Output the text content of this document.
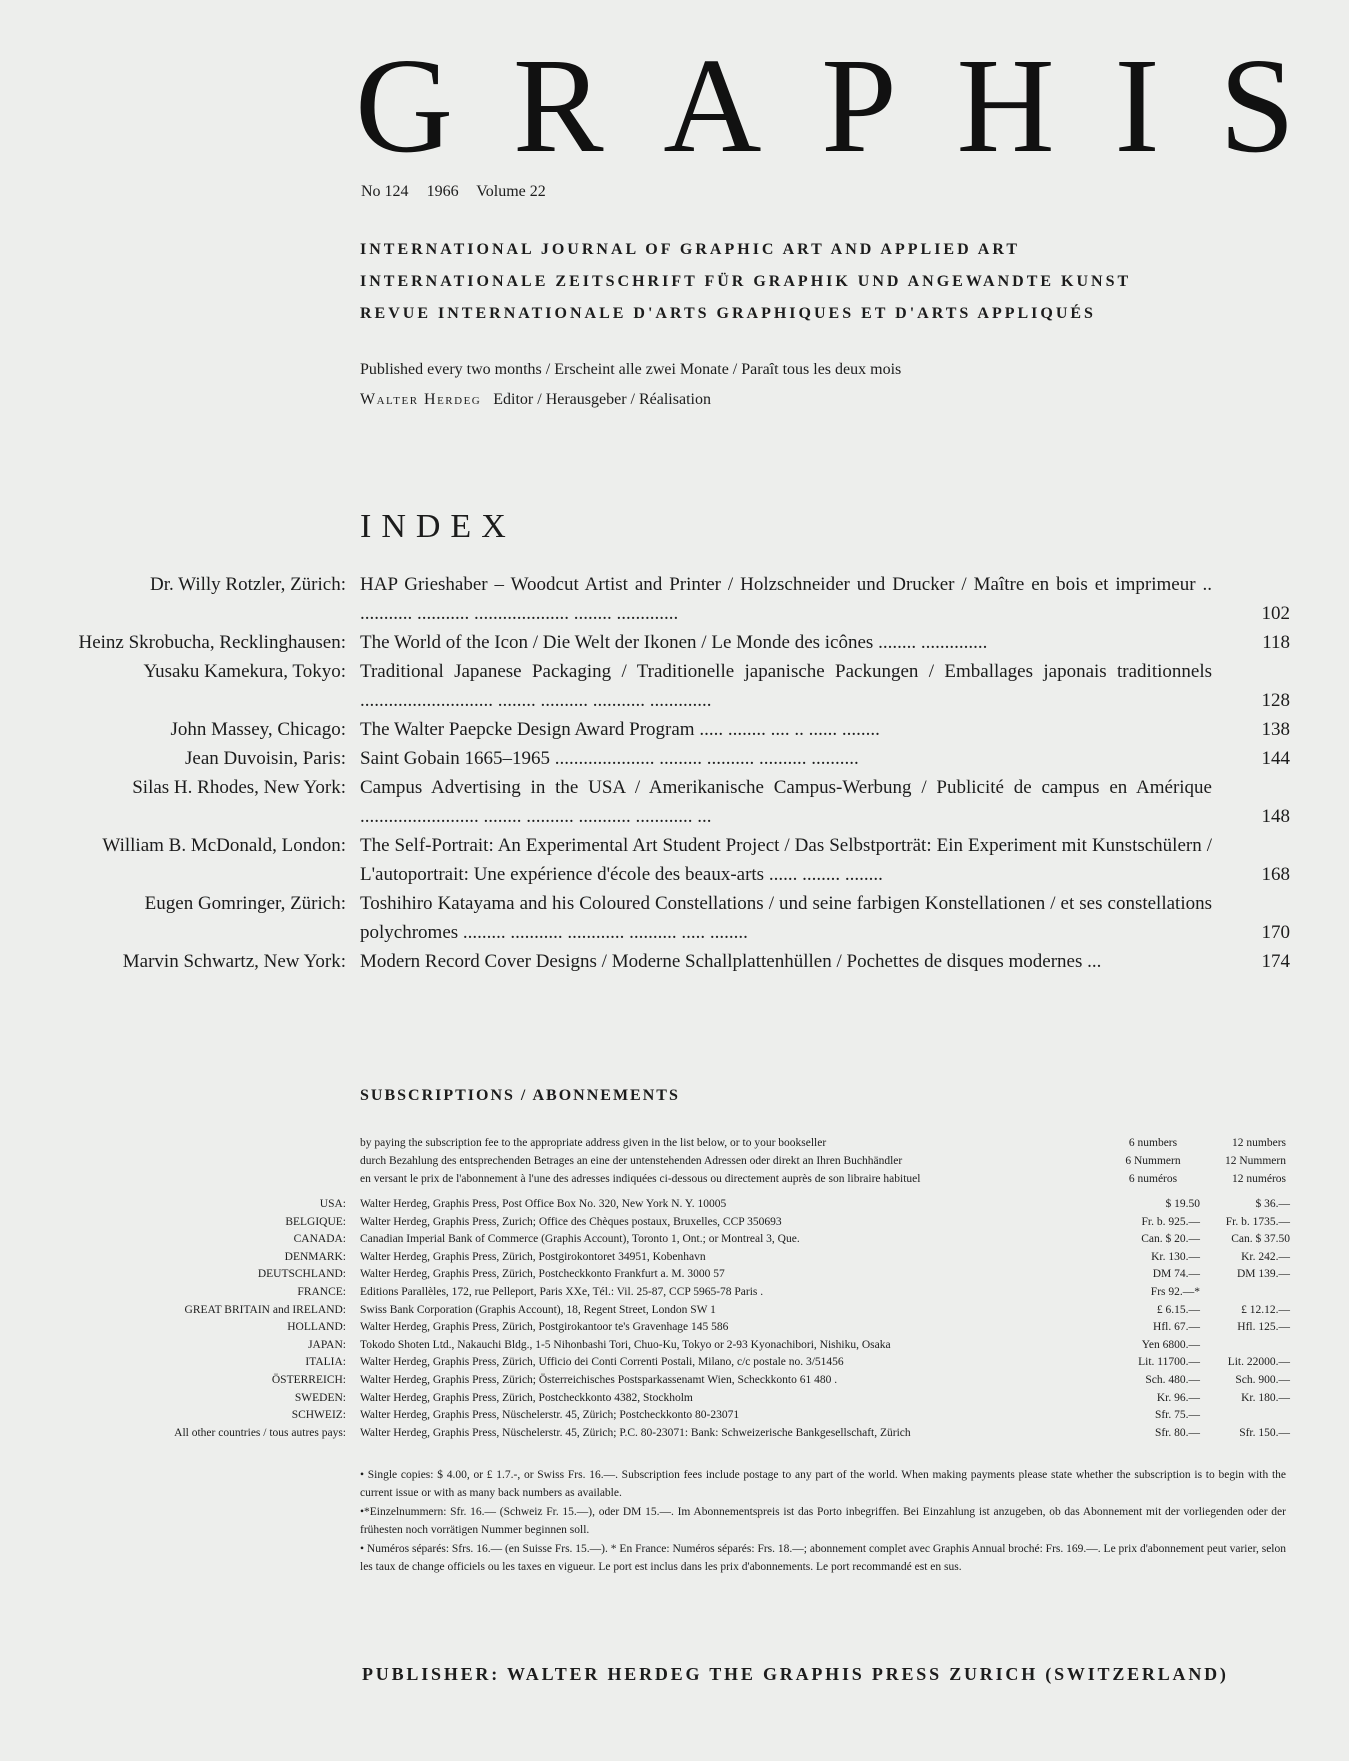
G R A P H I S
No 124 1966 Volume 22
INTERNATIONAL JOURNAL OF GRAPHIC ART AND APPLIED ART
INTERNATIONALE ZEITSCHRIFT FÜR GRAPHIK UND ANGEWANDTE KUNST
REVUE INTERNATIONALE D'ARTS GRAPHIQUES ET D'ARTS APPLIQUÉS
Published every two months / Erscheint alle zwei Monate / Paraît tous les deux mois
Walter Herdeg Editor / Herausgeber / Réalisation
INDEX
Dr. Willy Rotzler, Zürich: HAP Grieshaber – Woodcut Artist and Printer / Holzschneider und Drucker / Maître en bois et imprimeur .. ........... ........... .................... ........ .............	102
Heinz Skrobucha, Recklinghausen: The World of the Icon / Die Welt der Ikonen / Le Monde des icônes ........ ..............	118
Yusaku Kamekura, Tokyo: Traditional Japanese Packaging / Traditionelle japanische Packungen / Emballages japonais traditionnels ............................ ........ .......... ........... .............	128
John Massey, Chicago: The Walter Paepcke Design Award Program ..... ........ .... .. ...... ........	138
Jean Duvoisin, Paris: Saint Gobain 1665–1965 ..................... ......... .......... .......... ..........	144
Silas H. Rhodes, New York: Campus Advertising in the USA / Amerikanische Campus-Werbung / Publicité de campus en Amérique ......................... ........ .......... ........... ............ ...	148
William B. McDonald, London: The Self-Portrait: An Experimental Art Student Project / Das Selbstporträt: Ein Experiment mit Kunstschülern / L'autoportrait: Une expérience d'école des beaux-arts ...... ........ ........	168
Eugen Gomringer, Zürich: Toshihiro Katayama and his Coloured Constellations / und seine farbigen Konstellationen / et ses constellations polychromes ......... ........... ............ .......... ..... ........	170
Marvin Schwartz, New York: Modern Record Cover Designs / Moderne Schallplattenhüllen / Pochettes de disques modernes ...	174
SUBSCRIPTIONS / ABONNEMENTS
by paying the subscription fee to the appropriate address given in the list below, or to your bookseller	6 numbers	12 numbers
durch Bezahlung des entsprechenden Betrages an eine der untenstehenden Adressen oder direkt an Ihren Buchhändler	6 Nummern	12 Nummern
en versant le prix de l'abonnement à l'une des adresses indiquées ci-dessous ou directement auprès de son libraire habituel	6 numéros	12 numéros
USA:	Walter Herdeg, Graphis Press, Post Office Box No. 320, New York N. Y. 10005	$ 19.50	$ 36.—
BELGIQUE:	Walter Herdeg, Graphis Press, Zurich; Office des Chèques postaux, Bruxelles, CCP 350693	Fr. b. 925.—	Fr. b. 1735.—
CANADA:	Canadian Imperial Bank of Commerce (Graphis Account), Toronto 1, Ont.; or Montreal 3, Que.	Can. $ 20.—	Can. $ 37.50
DENMARK:	Walter Herdeg, Graphis Press, Zürich, Postgirokontoret 34951, Kobenhavn	Kr. 130.—	Kr. 242.—
DEUTSCHLAND:	Walter Herdeg, Graphis Press, Zürich, Postcheckkonto Frankfurt a. M. 3000 57	DM 74.—	DM 139.—
FRANCE:	Editions Parallèles, 172, rue Pelleport, Paris XXe, Tél.: Vil. 25-87, CCP 5965-78 Paris .	Frs 92.—*
GREAT BRITAIN and IRELAND:	Swiss Bank Corporation (Graphis Account), 18, Regent Street, London SW 1	£ 6.15.—	£ 12.12.—
HOLLAND:	Walter Herdeg, Graphis Press, Zürich, Postgirokantoor te's Gravenhage 145 586	Hfl. 67.—	Hfl. 125.—
JAPAN:	Tokodo Shoten Ltd., Nakauchi Bldg., 1-5 Nihonbashi Tori, Chuo-Ku, Tokyo or 2-93 Kyonachibori, Nishiku, Osaka	Yen 6800.—
ITALIA:	Walter Herdeg, Graphis Press, Zürich, Ufficio dei Conti Correnti Postali, Milano, c/c postale no. 3/51456	Lit. 11700.—	Lit. 22000.—
ÖSTERREICH:	Walter Herdeg, Graphis Press, Zürich; Österreichisches Postsparkassenamt Wien, Scheckkonto 61 480 .	Sch. 480.—	Sch. 900.—
SWEDEN:	Walter Herdeg, Graphis Press, Zürich, Postcheckkonto 4382, Stockholm	Kr. 96.—	Kr. 180.—
SCHWEIZ:	Walter Herdeg, Graphis Press, Nüschelerstr. 45, Zürich; Postcheckkonto 80-23071	Sfr. 75.—
All other countries / tous autres pays:	Walter Herdeg, Graphis Press, Nüschelerstr. 45, Zürich; P.C. 80-23071: Bank: Schweizerische Bankgesellschaft, Zürich	Sfr. 80.—	Sfr. 150.—

• Single copies: $ 4.00, or £ 1.7.-, or Swiss Frs. 16.—. Subscription fees include postage to any part of the world. When making payments please state whether the subscription is to begin with the current issue or with as many back numbers as available.

•*Einzelnummern: Sfr. 16.— (Schweiz Fr. 15.—), oder DM 15.—. Im Abonnementspreis ist das Porto inbegriffen. Bei Einzahlung ist anzugeben, ob das Abonnement mit der vorliegenden oder der frühesten noch vorrätigen Nummer beginnen soll.

• Numéros séparés: Sfrs. 16.— (en Suisse Frs. 15.—). * En France: Numéros séparés: Frs. 18.—; abonnement complet avec Graphis Annual broché: Frs. 169.—. Le prix d'abonnement peut varier, selon les taux de change officiels ou les taxes en vigueur. Le port est inclus dans les prix d'abonnements. Le port recommandé est en sus.

PUBLISHER: WALTER HERDEG THE GRAPHIS PRESS ZURICH (SWITZERLAND)
